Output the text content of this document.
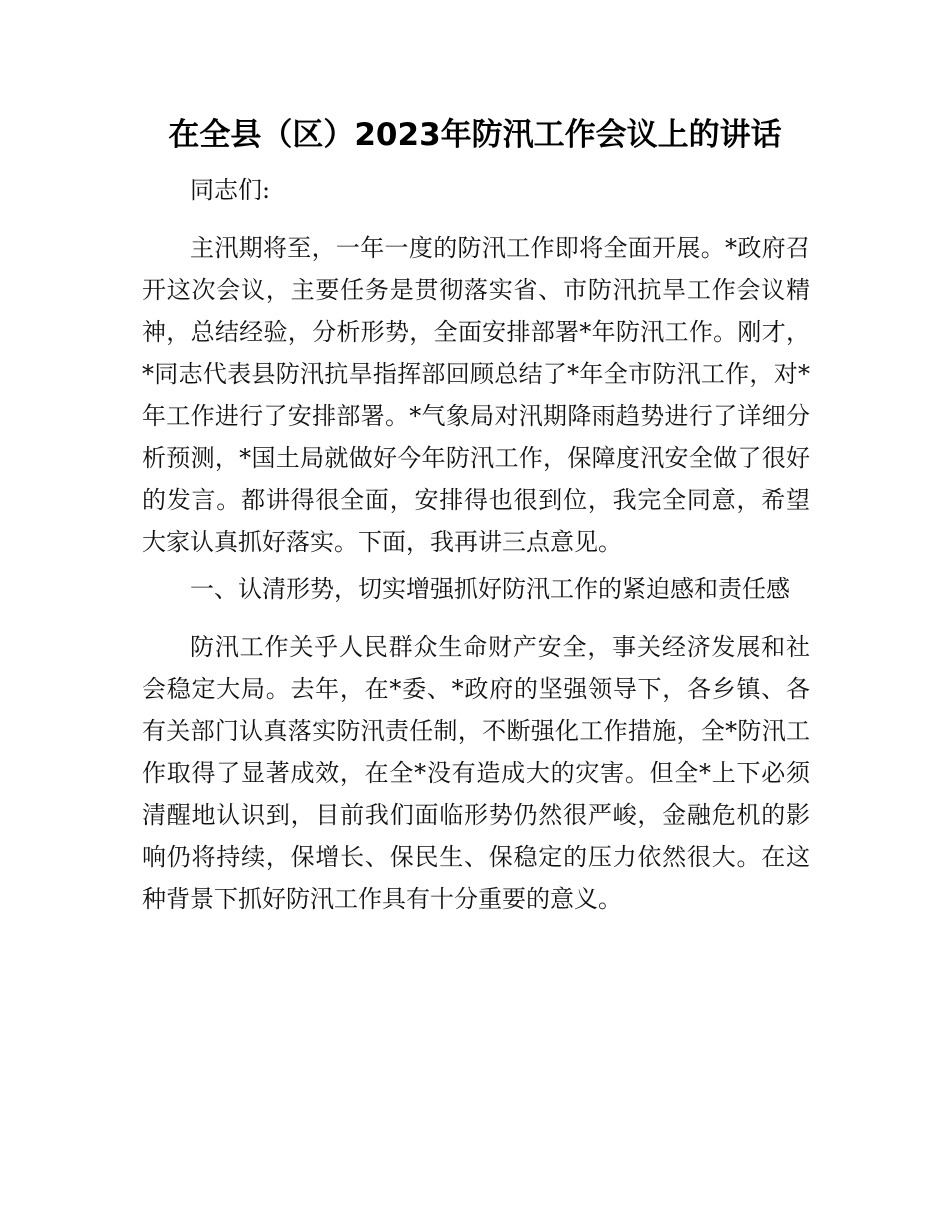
在全县（区）2023年防汛工作会议上的讲话
同志们:
主汛期将至，一年一度的防汛工作即将全面开展。*政府召开这次会议，主要任务是贯彻落实省、市防汛抗旱工作会议精神，总结经验，分析形势，全面安排部署*年防汛工作。刚才，*同志代表县防汛抗旱指挥部回顾总结了*年全市防汛工作，对*年工作进行了安排部署。*气象局对汛期降雨趋势进行了详细分析预测，*国土局就做好今年防汛工作，保障度汛安全做了很好的发言。都讲得很全面，安排得也很到位，我完全同意，希望大家认真抓好落实。下面，我再讲三点意见。
一、认清形势，切实增强抓好防汛工作的紧迫感和责任感
防汛工作关乎人民群众生命财产安全，事关经济发展和社会稳定大局。去年，在*委、*政府的坚强领导下，各乡镇、各有关部门认真落实防汛责任制，不断强化工作措施，全*防汛工作取得了显著成效，在全*没有造成大的灾害。但全*上下必须清醒地认识到，目前我们面临形势仍然很严峻，金融危机的影响仍将持续，保增长、保民生、保稳定的压力依然很大。在这种背景下抓好防汛工作具有十分重要的意义。
